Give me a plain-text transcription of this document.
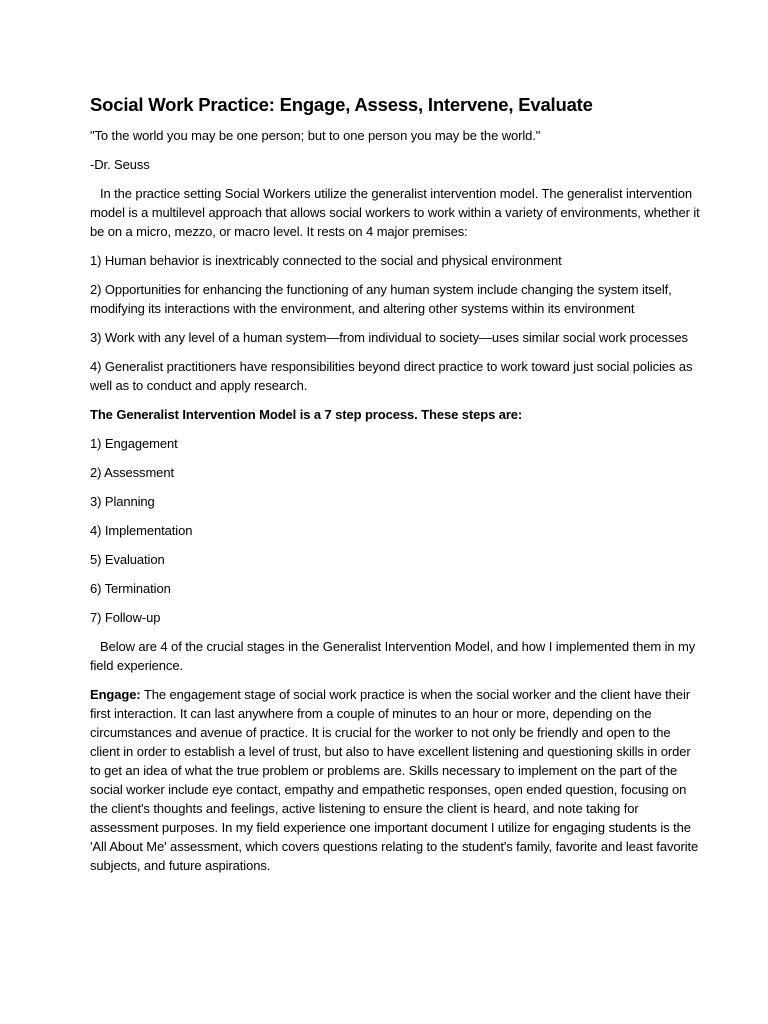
Social Work Practice: Engage, Assess, Intervene, Evaluate

"To the world you may be one person; but to one person you may be the world."

-Dr. Seuss

In the practice setting Social Workers utilize the generalist intervention model. The generalist intervention model is a multilevel approach that allows social workers to work within a variety of environments, whether it be on a micro, mezzo, or macro level. It rests on 4 major premises:

1) Human behavior is inextricably connected to the social and physical environment

2) Opportunities for enhancing the functioning of any human system include changing the system itself, modifying its interactions with the environment, and altering other systems within its environment

3) Work with any level of a human system—from individual to society—uses similar social work processes

4) Generalist practitioners have responsibilities beyond direct practice to work toward just social policies as well as to conduct and apply research.

The Generalist Intervention Model is a 7 step process. These steps are:

1) Engagement

2) Assessment

3) Planning

4) Implementation

5) Evaluation

6) Termination

7) Follow-up

Below are 4 of the crucial stages in the Generalist Intervention Model, and how I implemented them in my field experience.

Engage: The engagement stage of social work practice is when the social worker and the client have their first interaction. It can last anywhere from a couple of minutes to an hour or more, depending on the circumstances and avenue of practice. It is crucial for the worker to not only be friendly and open to the client in order to establish a level of trust, but also to have excellent listening and questioning skills in order to get an idea of what the true problem or problems are. Skills necessary to implement on the part of the social worker include eye contact, empathy and empathetic responses, open ended question, focusing on the client's thoughts and feelings, active listening to ensure the client is heard, and note taking for assessment purposes. In my field experience one important document I utilize for engaging students is the 'All About Me' assessment, which covers questions relating to the student's family, favorite and least favorite subjects, and future aspirations.
